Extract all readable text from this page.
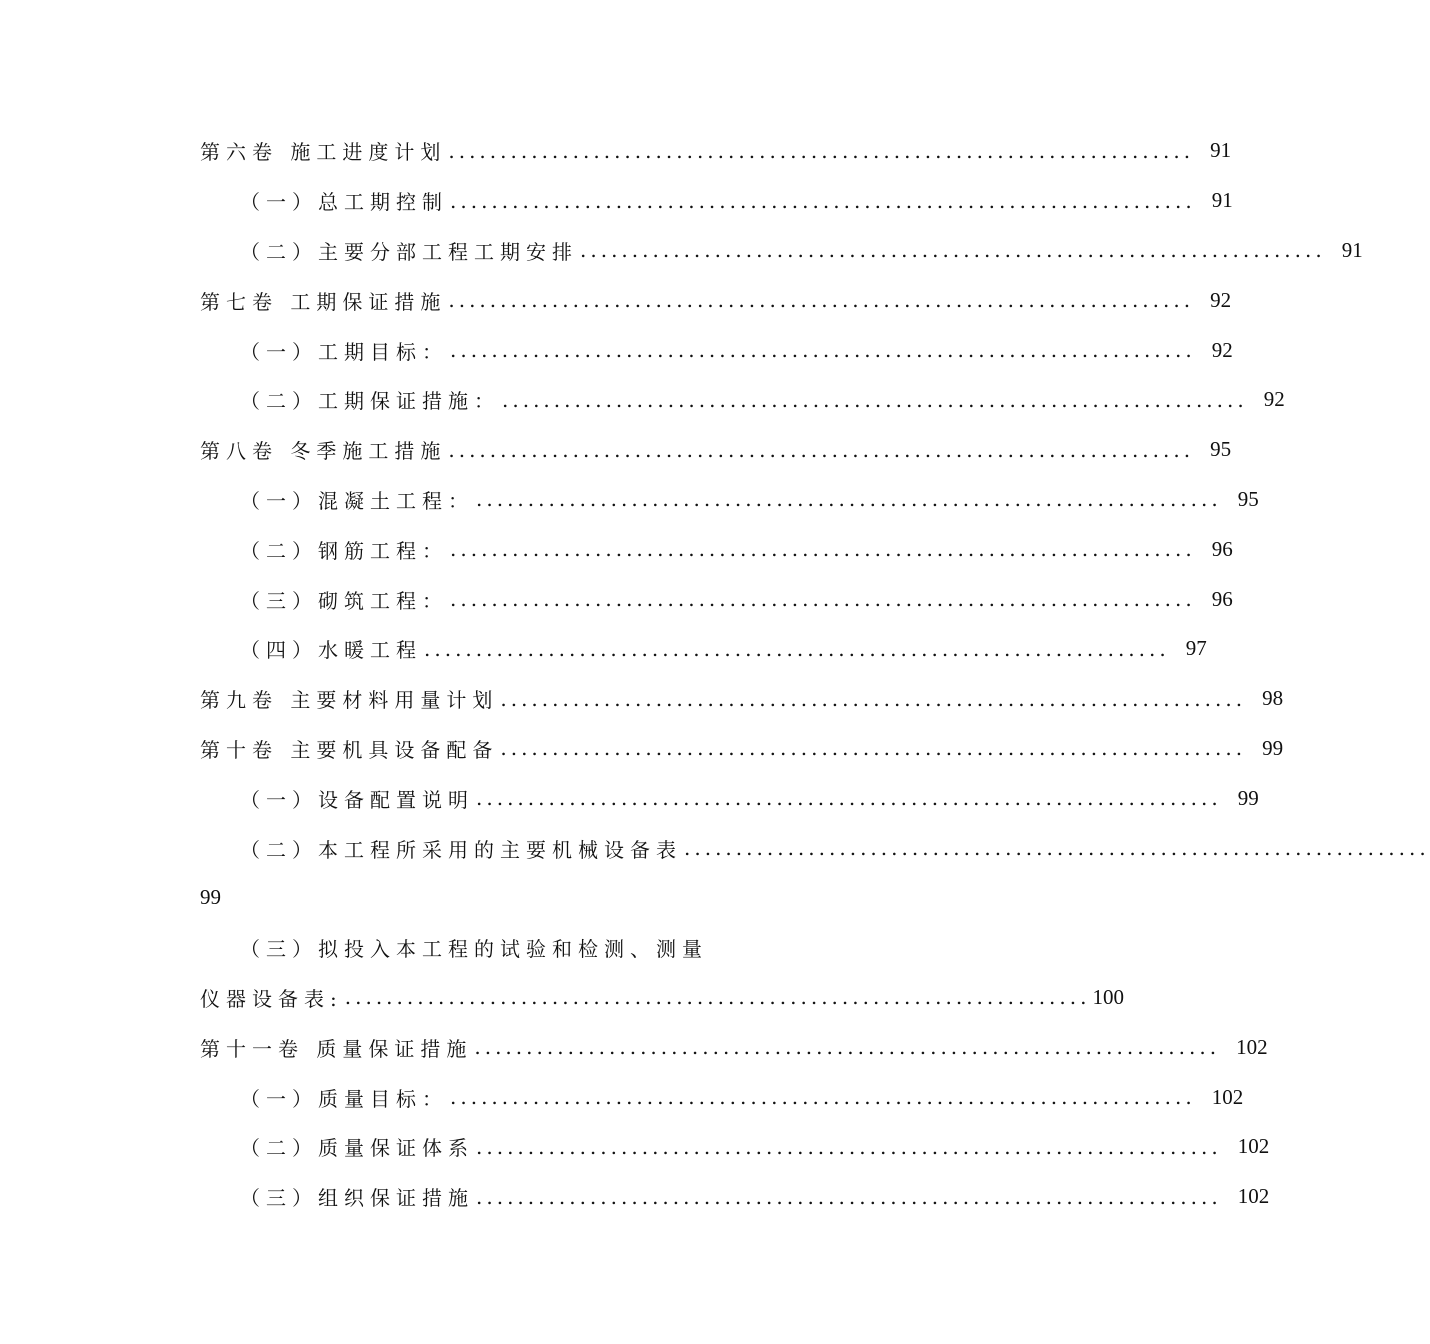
第六卷 施工进度计划 ........................................................................ 91
（一）总工期控制 ........................................................................ 91
（二）主要分部工程工期安排 ........................................................................ 91
第七卷 工期保证措施 ........................................................................ 92
（一）工期目标： ........................................................................ 92
（二）工期保证措施： ........................................................................ 92
第八卷 冬季施工措施 ........................................................................ 95
（一）混凝土工程： ........................................................................ 95
（二）钢筋工程： ........................................................................ 96
（三）砌筑工程： ........................................................................ 96
（四）水暖工程 ........................................................................ 97
第九卷 主要材料用量计划 ........................................................................ 98
第十卷 主要机具设备配备 ........................................................................ 99
（一）设备配置说明 ........................................................................ 99
（二）本工程所采用的主要机械设备表 ........................................................................
99
（三）拟投入本工程的试验和检测、测量
仪器设备表: ........................................................................ 100
第十一卷 质量保证措施 ........................................................................ 102
（一）质量目标： ........................................................................ 102
（二）质量保证体系 ........................................................................ 102
（三）组织保证措施 ........................................................................ 102
